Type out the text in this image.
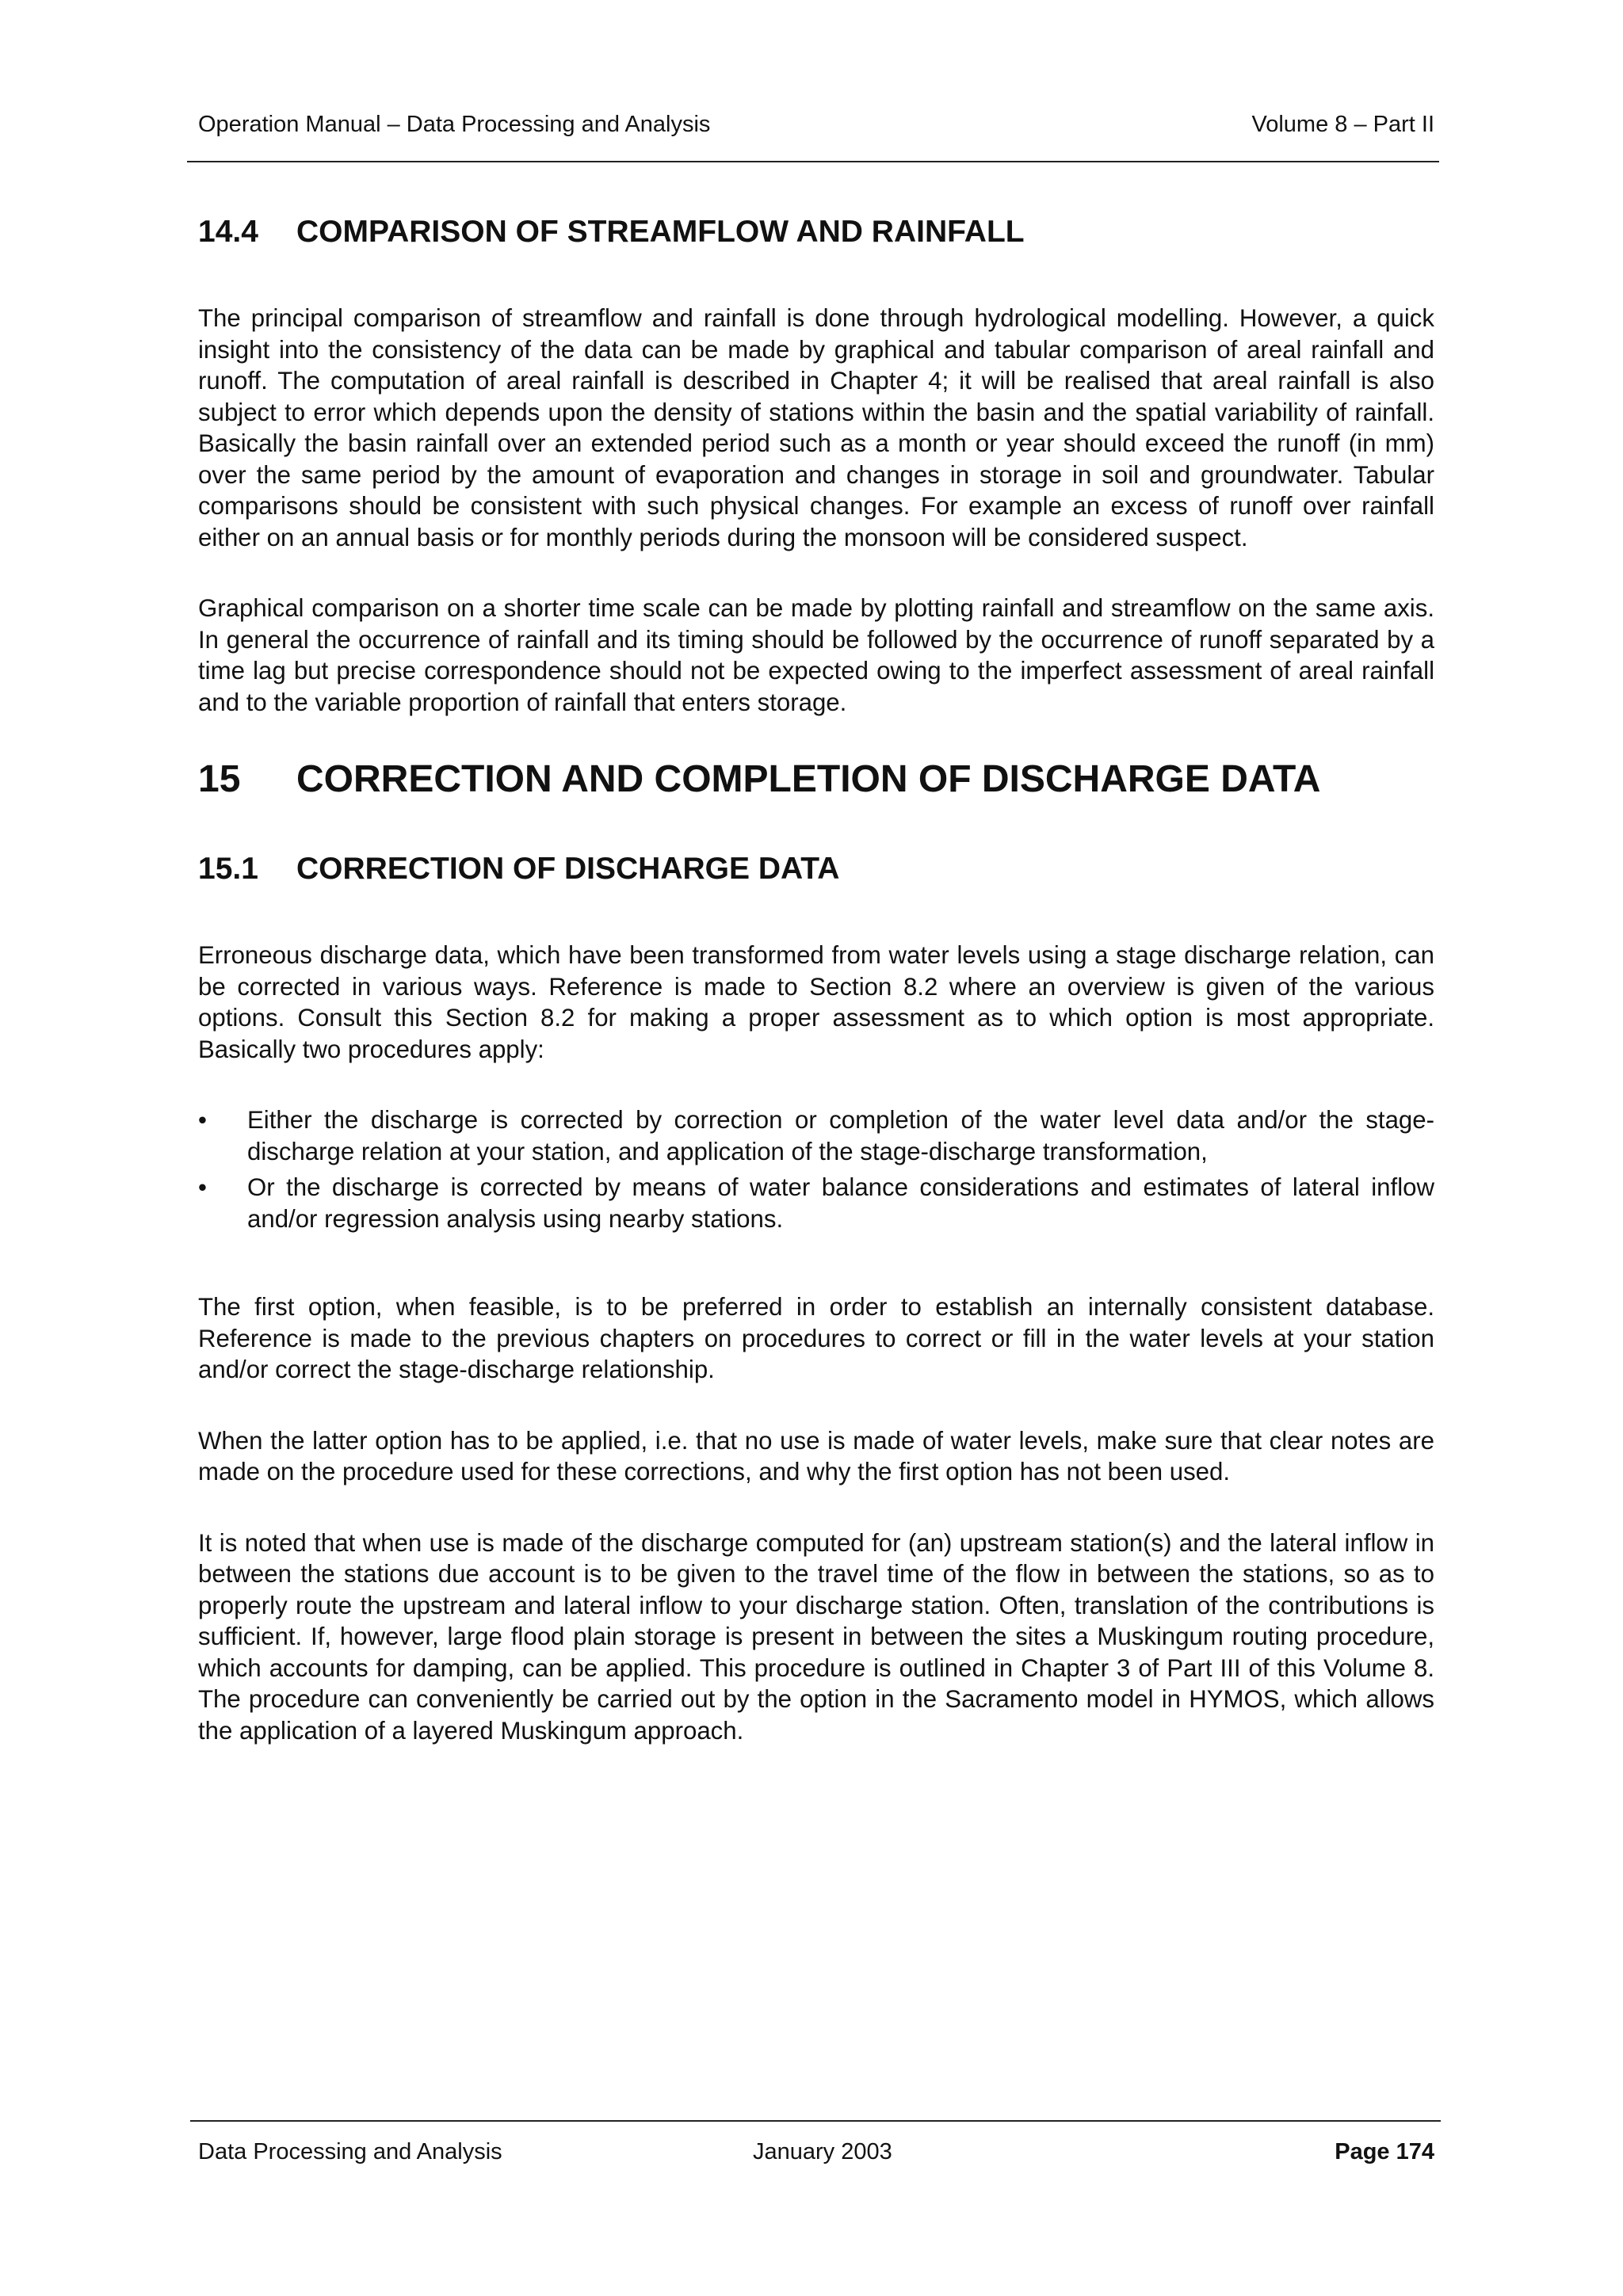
Operation Manual – Data Processing and Analysis	Volume 8 – Part II
14.4 COMPARISON OF STREAMFLOW AND RAINFALL

The principal comparison of streamflow and rainfall is done through hydrological modelling. However, a quick insight into the consistency of the data can be made by graphical and tabular comparison of areal rainfall and runoff. The computation of areal rainfall is described in Chapter 4; it will be realised that areal rainfall is also subject to error which depends upon the density of stations within the basin and the spatial variability of rainfall. Basically the basin rainfall over an extended period such as a month or year should exceed the runoff (in mm) over the same period by the amount of evaporation and changes in storage in soil and groundwater. Tabular comparisons should be consistent with such physical changes. For example an excess of runoff over rainfall either on an annual basis or for monthly periods during the monsoon will be considered suspect.

Graphical comparison on a shorter time scale can be made by plotting rainfall and streamflow on the same axis. In general the occurrence of rainfall and its timing should be followed by the occurrence of runoff separated by a time lag but precise correspondence should not be expected owing to the imperfect assessment of areal rainfall and to the variable proportion of rainfall that enters storage.

15 CORRECTION AND COMPLETION OF DISCHARGE DATA
15.1 CORRECTION OF DISCHARGE DATA

Erroneous discharge data, which have been transformed from water levels using a stage discharge relation, can be corrected in various ways. Reference is made to Section 8.2 where an overview is given of the various options. Consult this Section 8.2 for making a proper assessment as to which option is most appropriate. Basically two procedures apply:

•	Either the discharge is corrected by correction or completion of the water level data and/or the stage-discharge relation at your station, and application of the stage-discharge transformation,
•	Or the discharge is corrected by means of water balance considerations and estimates of lateral inflow and/or regression analysis using nearby stations.

The first option, when feasible, is to be preferred in order to establish an internally consistent database. Reference is made to the previous chapters on procedures to correct or fill in the water levels at your station and/or correct the stage-discharge relationship.

When the latter option has to be applied, i.e. that no use is made of water levels, make sure that clear notes are made on the procedure used for these corrections, and why the first option has not been used.

It is noted that when use is made of the discharge computed for (an) upstream station(s) and the lateral inflow in between the stations due account is to be given to the travel time of the flow in between the stations, so as to properly route the upstream and lateral inflow to your discharge station. Often, translation of the contributions is sufficient. If, however, large flood plain storage is present in between the sites a Muskingum routing procedure, which accounts for damping, can be applied. This procedure is outlined in Chapter 3 of Part III of this Volume 8. The procedure can conveniently be carried out by the option in the Sacramento model in HYMOS, which allows the application of a layered Muskingum approach.

Data Processing and Analysis	January 2003	Page 174
